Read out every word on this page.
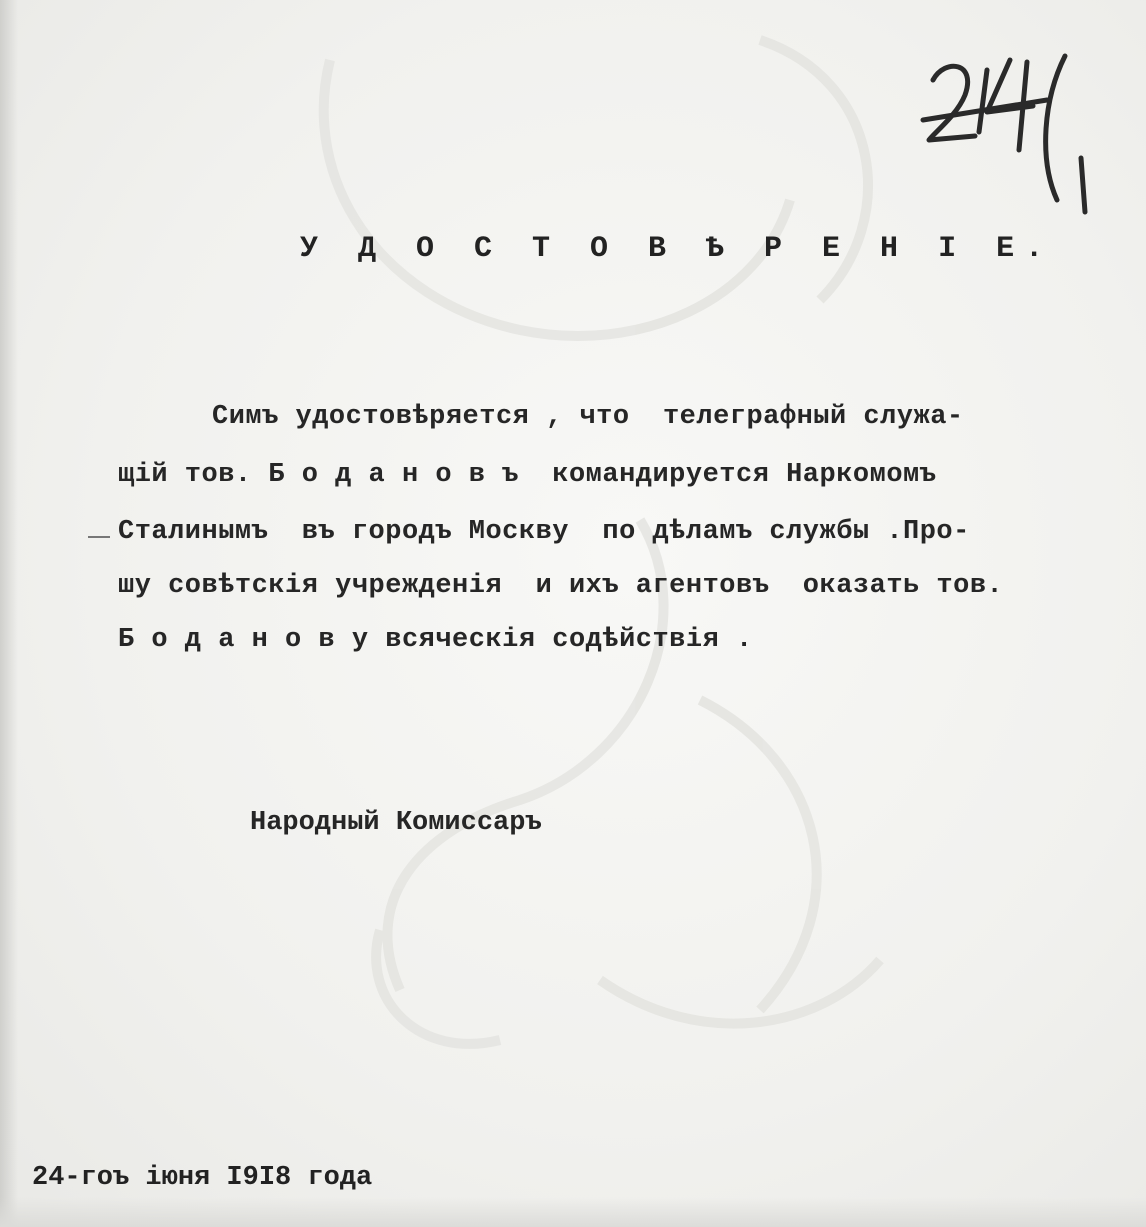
У Д О С Т О В Ѣ Р Е Н І Е.
Симъ удостовѣряется , что  телеграфный служа-
щій тов. Б о д а н о в ъ  командируется Наркомомъ
Сталинымъ  въ городъ Москву  по дѣламъ службы .Про-
шу совѣтскія учрежденія  и ихъ агентовъ  оказать тов.
Б о д а н о в у всяческія содѣйствія .
Народный Комиссаръ
24-гоъ іюня I9I8 года
